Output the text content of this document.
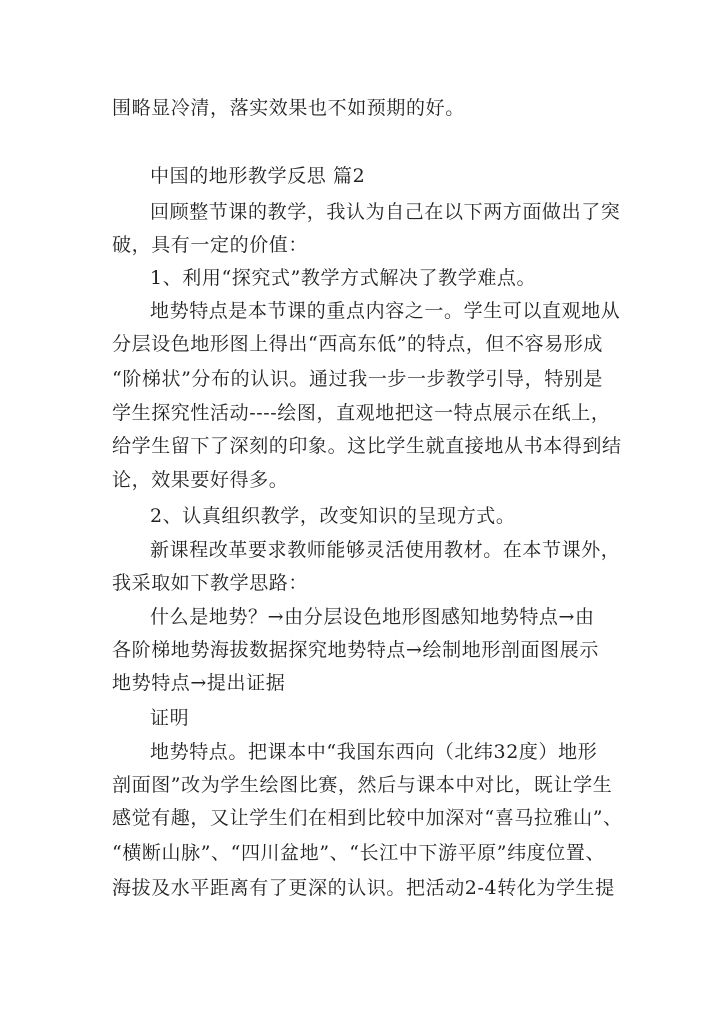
围略显冷清，落实效果也不如预期的好。
中国的地形教学反思 篇2
回顾整节课的教学，我认为自己在以下两方面做出了突
破，具有一定的价值：
1、利用“探究式”教学方式解决了教学难点。
地势特点是本节课的重点内容之一。学生可以直观地从
分层设色地形图上得出“西高东低”的特点，但不容易形成
“阶梯状”分布的认识。通过我一步一步教学引导，特别是
学生探究性活动----绘图，直观地把这一特点展示在纸上，
给学生留下了深刻的印象。这比学生就直接地从书本得到结
论，效果要好得多。
2、认真组织教学，改变知识的呈现方式。
新课程改革要求教师能够灵活使用教材。在本节课外，
我采取如下教学思路：
什么是地势？→由分层设色地形图感知地势特点→由
各阶梯地势海拔数据探究地势特点→绘制地形剖面图展示
地势特点→提出证据
证明
地势特点。把课本中“我国东西向（北纬32度）地形
剖面图”改为学生绘图比赛，然后与课本中对比，既让学生
感觉有趣，又让学生们在相到比较中加深对“喜马拉雅山”、
“横断山脉”、“四川盆地”、“长江中下游平原”纬度位置、
海拔及水平距离有了更深的认识。把活动2-4转化为学生提
